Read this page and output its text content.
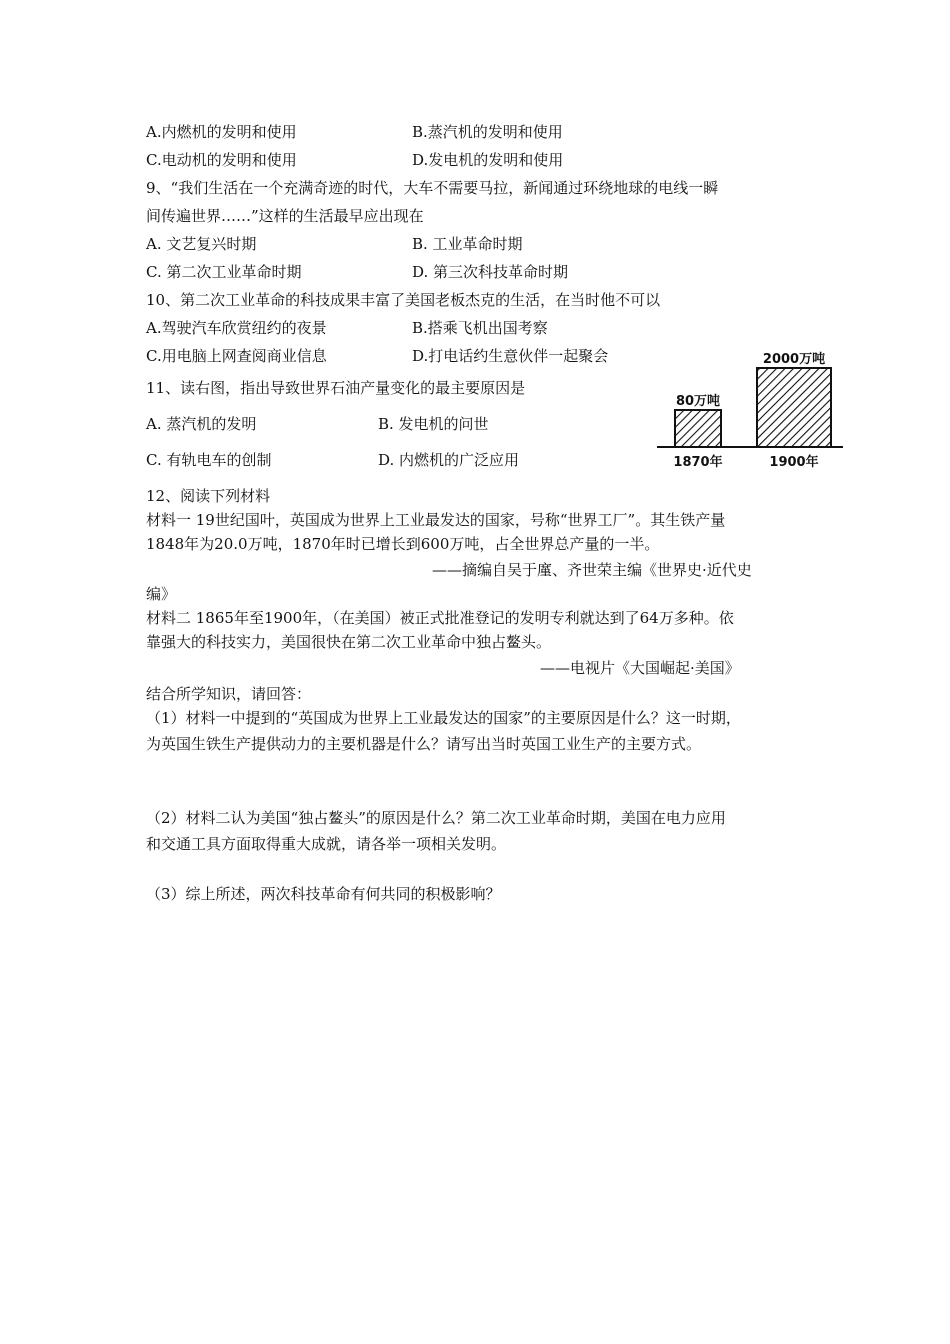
A.内燃机的发明和使用	B.蒸汽机的发明和使用
C.电动机的发明和使用	D.发电机的发明和使用
9、“我们生活在一个充满奇迹的时代，大车不需要马拉，新闻通过环绕地球的电线一瞬
间传遍世界……”这样的生活最早应出现在
A. 文艺复兴时期	B. 工业革命时期
C. 第二次工业革命时期	D. 第三次科技革命时期
10、第二次工业革命的科技成果丰富了美国老板杰克的生活，在当时他不可以
A.驾驶汽车欣赏纽约的夜景	B.搭乘飞机出国考察
C.用电脑上网查阅商业信息	D.打电话约生意伙伴一起聚会
11、读右图，指出导致世界石油产量变化的最主要原因是
A. 蒸汽机的发明	B. 发电机的问世
C. 有轨电车的创制	D. 内燃机的广泛应用
80万吨
1870年
2000万吨
1900年
12、阅读下列材料
材料一 19世纪国叶，英国成为世界上工业最发达的国家，号称“世界工厂”。其生铁产量
1848年为20.0万吨，1870年时已增长到600万吨，占全世界总产量的一半。
——摘编自吴于廑、齐世荣主编《世界史·近代史
编》
材料二 1865年至1900年，（在美国）被正式批准登记的发明专利就达到了64万多种。依
靠强大的科技实力，美国很快在第二次工业革命中独占鳌头。
——电视片《大国崛起·美国》
结合所学知识，请回答：
（1）材料一中提到的“英国成为世界上工业最发达的国家”的主要原因是什么？这一时期，
为英国生铁生产提供动力的主要机器是什么？请写出当时英国工业生产的主要方式。
（2）材料二认为美国“独占鳌头”的原因是什么？第二次工业革命时期，美国在电力应用
和交通工具方面取得重大成就，请各举一项相关发明。
（3）综上所述，两次科技革命有何共同的积极影响？
